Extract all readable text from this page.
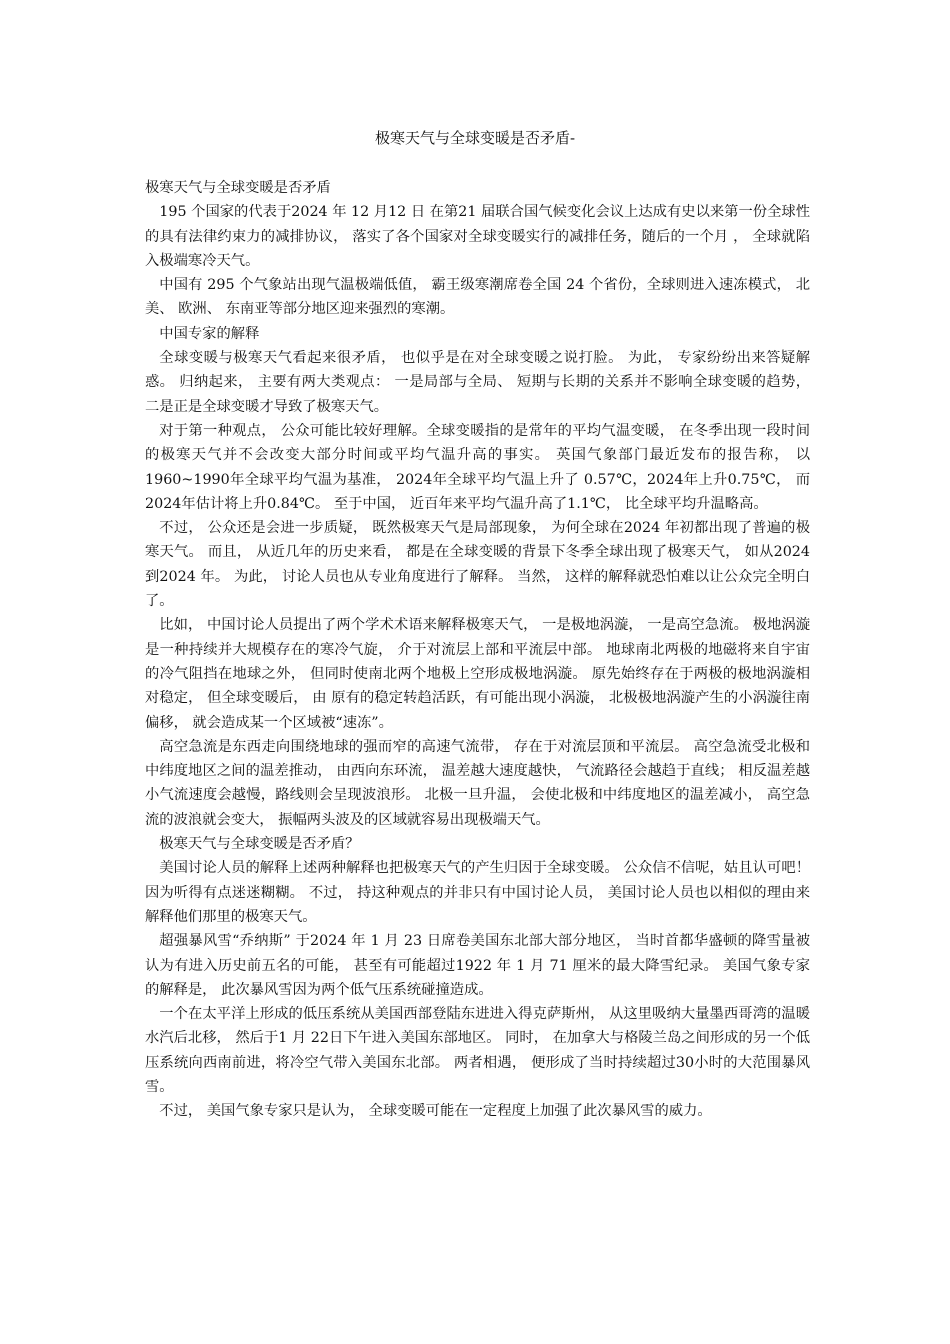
极寒天气与全球变暖是否矛盾-

极寒天气与全球变暖是否矛盾

195 个国家的代表于2024 年 12 月12 日 在第21 届联合国气候变化会议上达成有史以来第一份全球性的具有法律约束力的减排协议， 落实了各个国家对全球变暖实行的减排任务，随后的一个月 ， 全球就陷入极端寒冷天气。

中国有 295 个气象站出现气温极端低值， 霸王级寒潮席卷全国 24 个省份，全球则进入速冻模式， 北美、 欧洲、 东南亚等部分地区迎来强烈的寒潮。

中国专家的解释

全球变暖与极寒天气看起来很矛盾， 也似乎是在对全球变暖之说打脸。 为此， 专家纷纷出来答疑解惑。 归纳起来， 主要有两大类观点： 一是局部与全局、 短期与长期的关系并不影响全球变暖的趋势， 二是正是全球变暖才导致了极寒天气。

对于第一种观点， 公众可能比较好理解。全球变暖指的是常年的平均气温变暖， 在冬季出现一段时间的极寒天气并不会改变大部分时间或平均气温升高的事实。 英国气象部门最近发布的报告称， 以1960~1990年全球平均气温为基准， 2024年全球平均气温上升了 0.57℃，2024年上升0.75℃， 而2024年估计将上升0.84℃。 至于中国， 近百年来平均气温升高了1.1℃， 比全球平均升温略高。

不过， 公众还是会进一步质疑， 既然极寒天气是局部现象， 为何全球在2024 年初都出现了普遍的极寒天气。 而且， 从近几年的历史来看， 都是在全球变暖的背景下冬季全球出现了极寒天气， 如从2024 到2024 年。 为此， 讨论人员也从专业角度进行了解释。 当然， 这样的解释就恐怕难以让公众完全明白了。

比如， 中国讨论人员提出了两个学术术语来解释极寒天气， 一是极地涡漩， 一是高空急流。 极地涡漩是一种持续并大规模存在的寒冷气旋， 介于对流层上部和平流层中部。 地球南北两极的地磁将来自宇宙的冷气阻挡在地球之外， 但同时使南北两个地极上空形成极地涡漩。 原先始终存在于两极的极地涡漩相对稳定， 但全球变暖后， 由 原有的稳定转趋活跃，有可能出现小涡漩， 北极极地涡漩产生的小涡漩往南偏移， 就会造成某一个区域被“速冻”。

高空急流是东西走向围绕地球的强而窄的高速气流带， 存在于对流层顶和平流层。 高空急流受北极和中纬度地区之间的温差推动， 由西向东环流， 温差越大速度越快， 气流路径会越趋于直线； 相反温差越小气流速度会越慢，路线则会呈现波浪形。 北极一旦升温， 会使北极和中纬度地区的温差减小， 高空急流的波浪就会变大， 振幅两头波及的区域就容易出现极端天气。

极寒天气与全球变暖是否矛盾？

美国讨论人员的解释上述两种解释也把极寒天气的产生归因于全球变暖。 公众信不信呢，姑且认可吧！ 因为听得有点迷迷糊糊。 不过， 持这种观点的并非只有中国讨论人员， 美国讨论人员也以相似的理由来解释他们那里的极寒天气。

超强暴风雪“乔纳斯” 于2024 年 1 月 23 日席卷美国东北部大部分地区， 当时首都华盛顿的降雪量被认为有进入历史前五名的可能， 甚至有可能超过1922 年 1 月 71 厘米的最大降雪纪录。 美国气象专家的解释是， 此次暴风雪因为两个低气压系统碰撞造成。

一个在太平洋上形成的低压系统从美国西部登陆东进进入得克萨斯州， 从这里吸纳大量墨西哥湾的温暖水汽后北移， 然后于1 月 22日下午进入美国东部地区。 同时， 在加拿大与格陵兰岛之间形成的另一个低压系统向西南前进，将冷空气带入美国东北部。 两者相遇， 便形成了当时持续超过30小时的大范围暴风雪。

不过， 美国气象专家只是认为， 全球变暖可能在一定程度上加强了此次暴风雪的威力。
